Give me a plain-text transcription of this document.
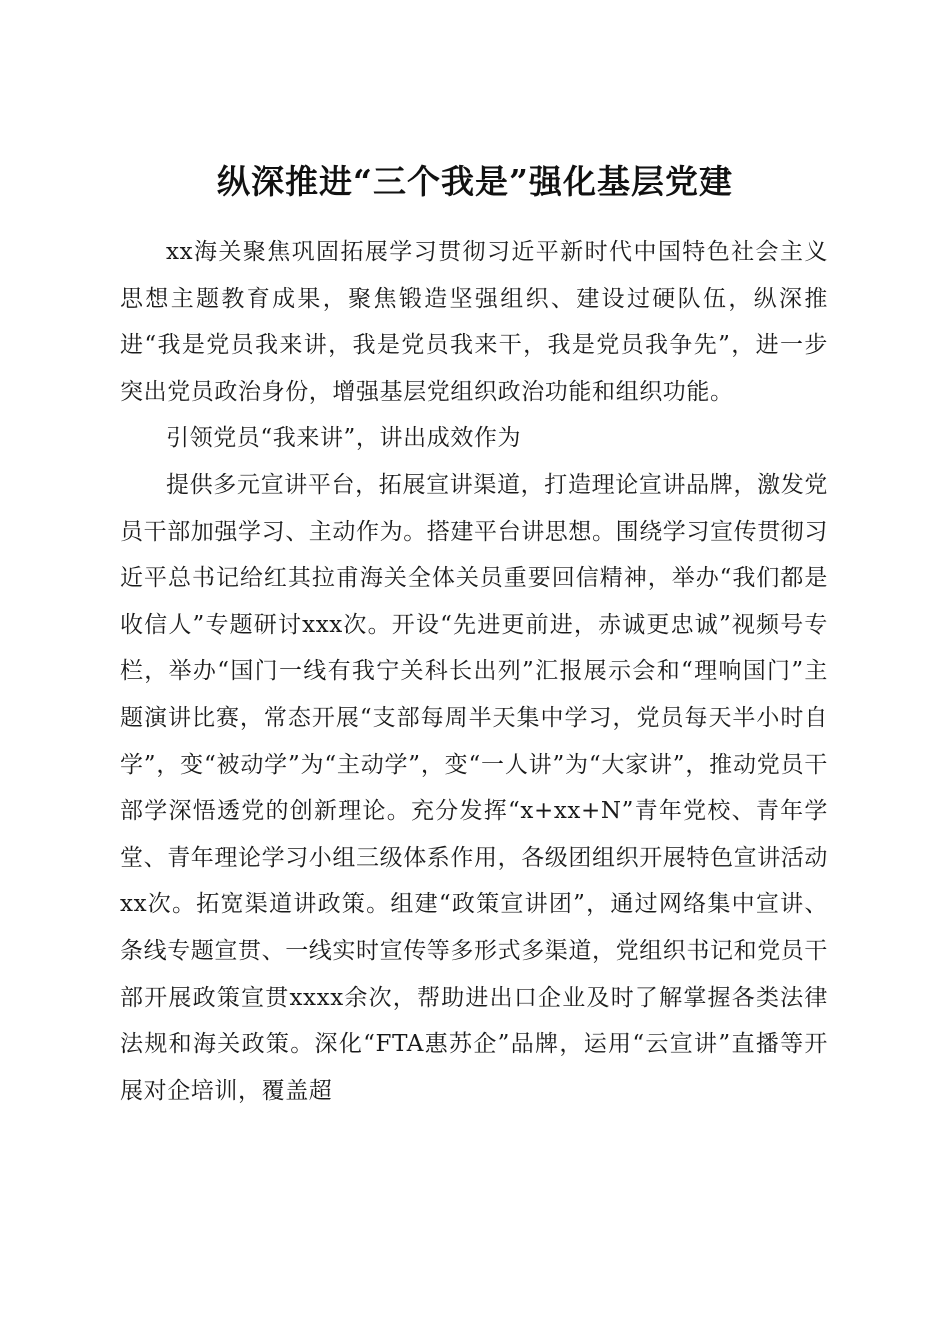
纵深推进“三个我是”强化基层党建

xx海关聚焦巩固拓展学习贯彻习近平新时代中国特色社会主义思想主题教育成果，聚焦锻造坚强组织、建设过硬队伍，纵深推进“我是党员我来讲，我是党员我来干，我是党员我争先”，进一步突出党员政治身份，增强基层党组织政治功能和组织功能。

引领党员“我来讲”，讲出成效作为

提供多元宣讲平台，拓展宣讲渠道，打造理论宣讲品牌，激发党员干部加强学习、主动作为。搭建平台讲思想。围绕学习宣传贯彻习近平总书记给红其拉甫海关全体关员重要回信精神，举办“我们都是收信人”专题研讨xxx次。开设“先进更前进，赤诚更忠诚”视频号专栏，举办“国门一线有我宁关科长出列”汇报展示会和“理响国门”主题演讲比赛，常态开展“支部每周半天集中学习，党员每天半小时自学”，变“被动学”为“主动学”，变“一人讲”为“大家讲”，推动党员干部学深悟透党的创新理论。充分发挥“x+xx+N”青年党校、青年学堂、青年理论学习小组三级体系作用，各级团组织开展特色宣讲活动xx次。拓宽渠道讲政策。组建“政策宣讲团”，通过网络集中宣讲、条线专题宣贯、一线实时宣传等多形式多渠道，党组织书记和党员干部开展政策宣贯xxxx余次，帮助进出口企业及时了解掌握各类法律法规和海关政策。深化“FTA惠苏企”品牌，运用“云宣讲”直播等开展对企培训，覆盖超
